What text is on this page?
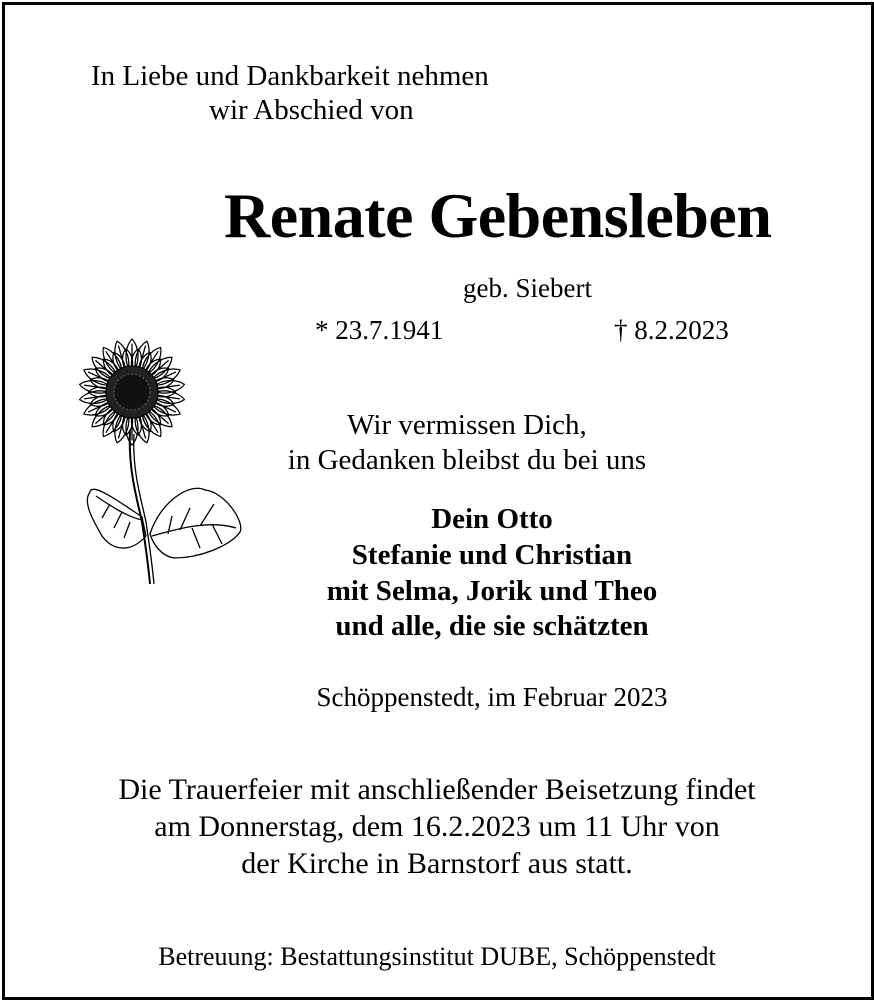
In Liebe und Dankbarkeit nehmen
wir Abschied von
Renate Gebensleben
geb. Siebert
* 23.7.1941	† 8.2.2023
Wir vermissen Dich,
in Gedanken bleibst du bei uns
Dein Otto
Stefanie und Christian
mit Selma, Jorik und Theo
und alle, die sie schätzten
Schöppenstedt, im Februar 2023
Die Trauerfeier mit anschließender Beisetzung findet
am Donnerstag, dem 16.2.2023 um 11 Uhr von
der Kirche in Barnstorf aus statt.
Betreuung: Bestattungsinstitut DUBE, Schöppenstedt
